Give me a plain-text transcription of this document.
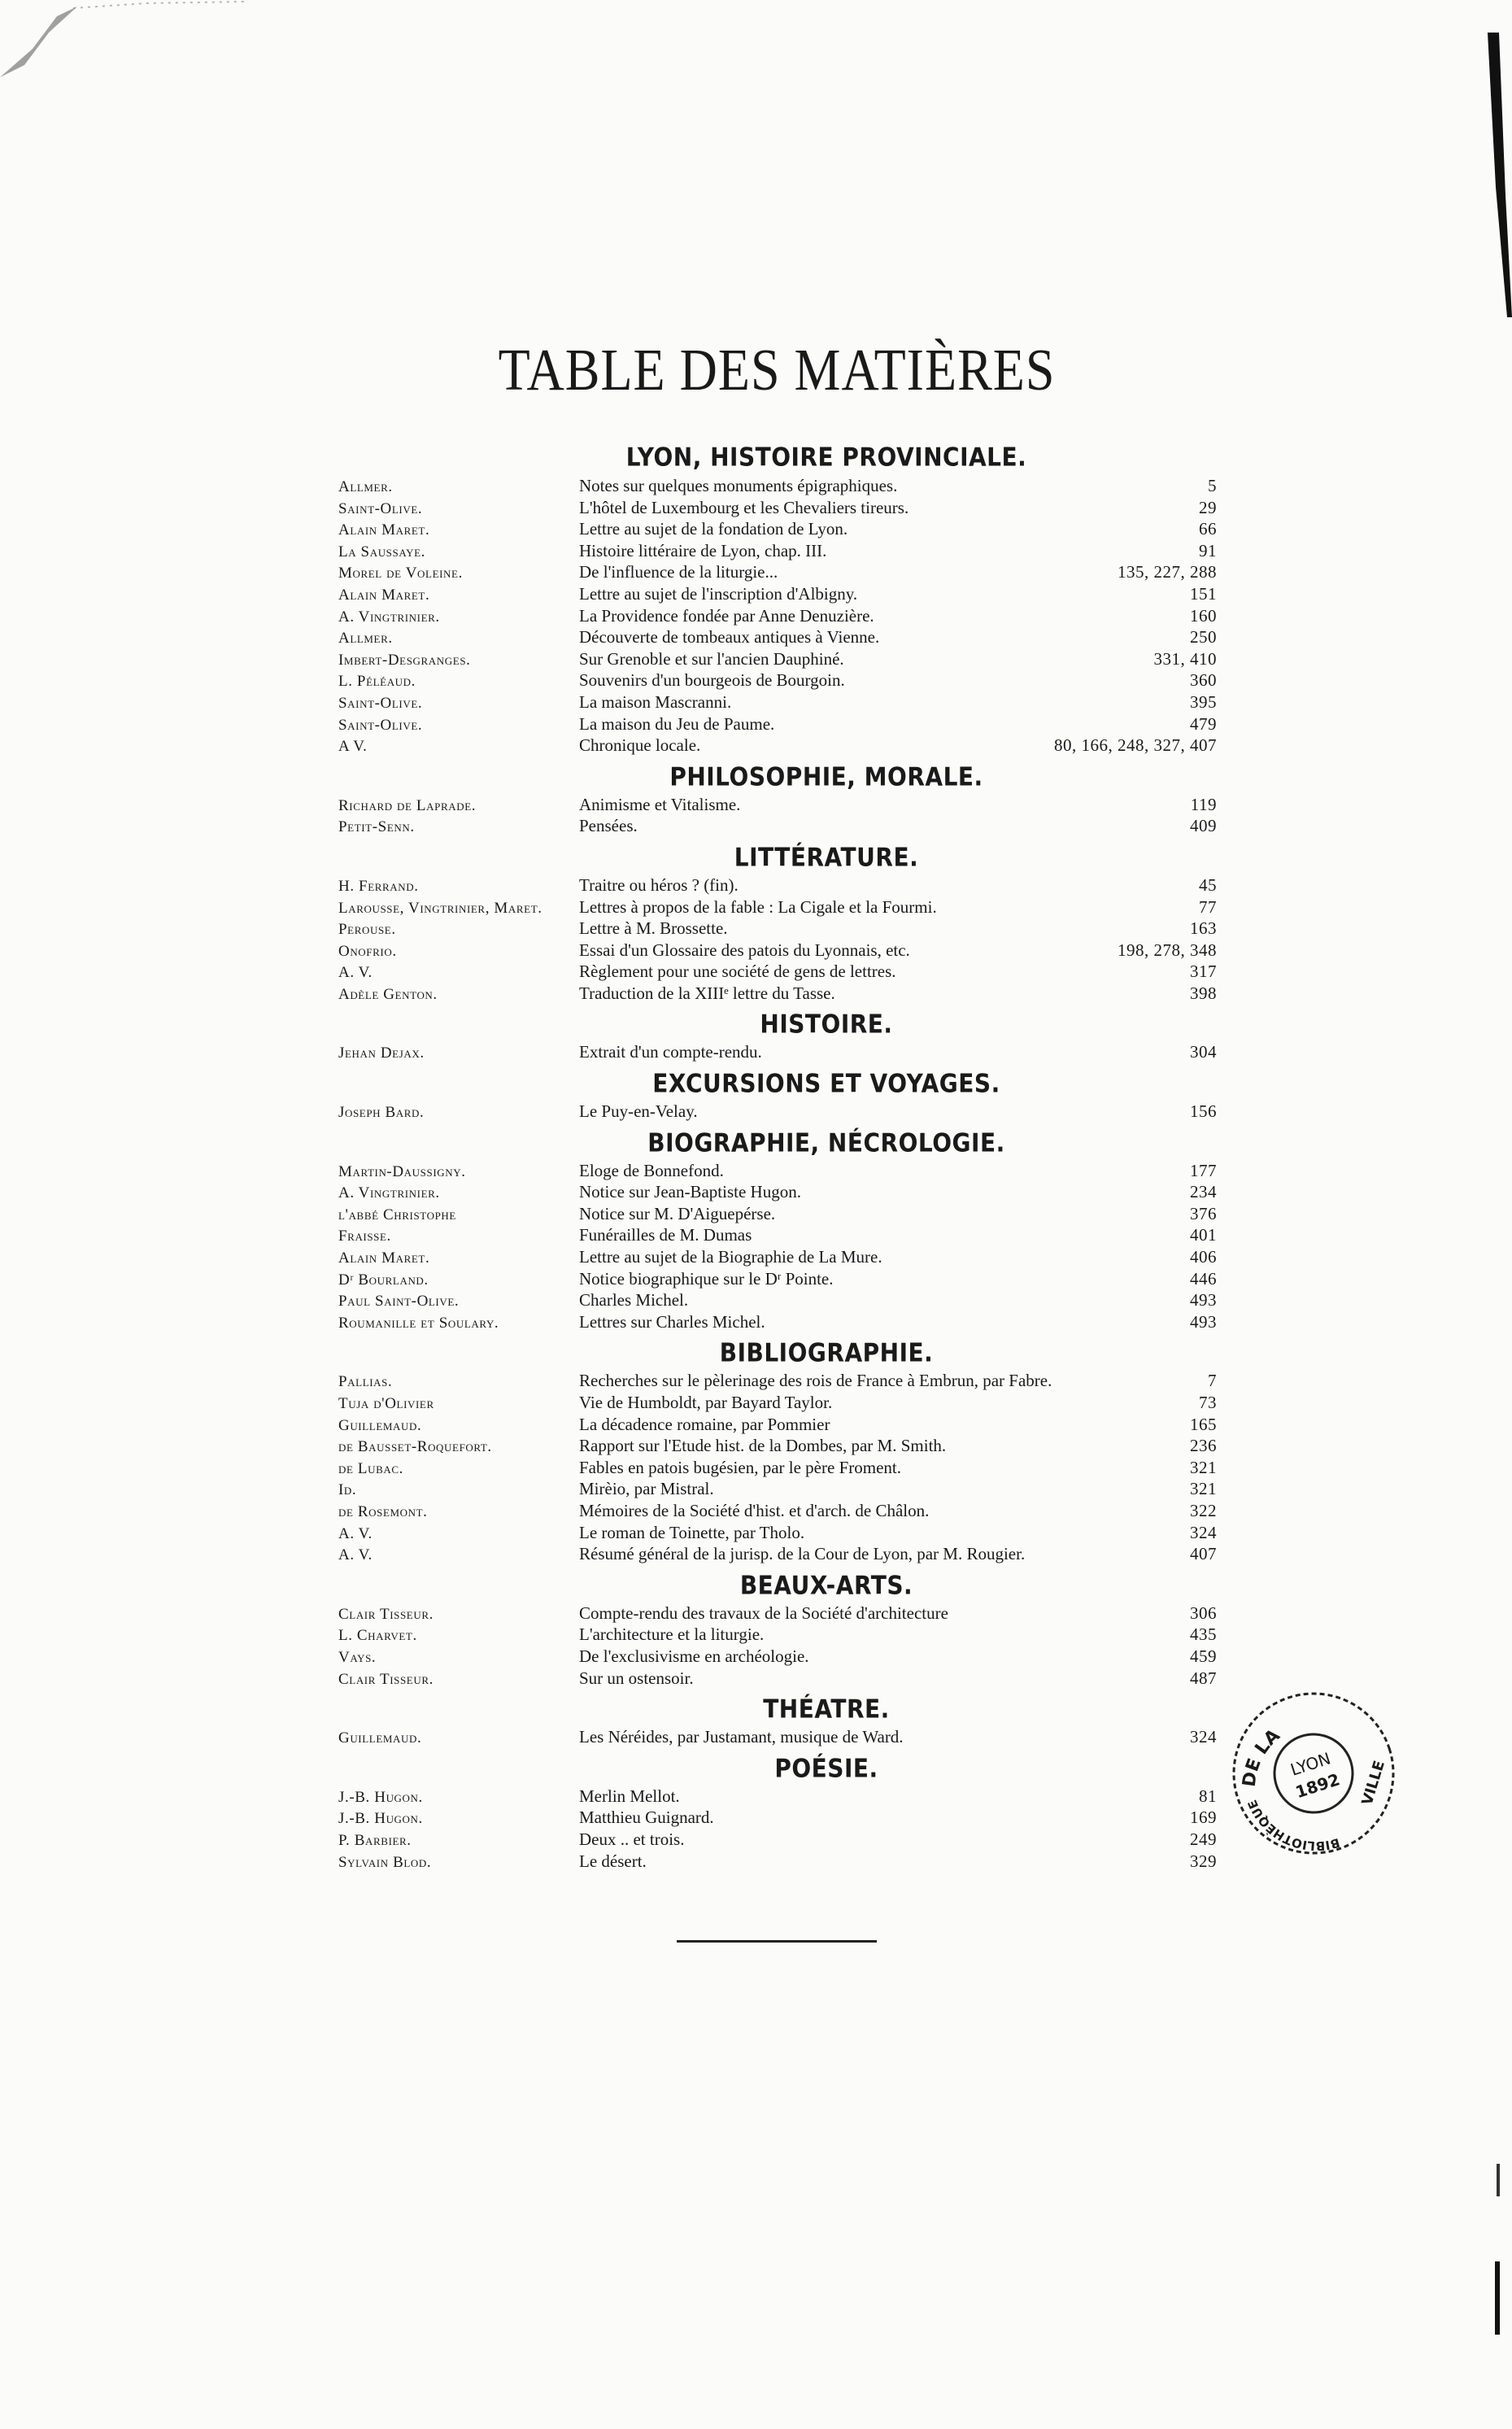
TABLE DES MATIÈRES
LYON, HISTOIRE PROVINCIALE.
Allmer.	Notes sur quelques monuments épigraphiques.	5
Saint-Olive.	L'hôtel de Luxembourg et les Chevaliers tireurs.	29
Alain Maret.	Lettre au sujet de la fondation de Lyon.	66
La Saussaye.	Histoire littéraire de Lyon, chap. III.	91
Morel de Voleine.	De l'influence de la liturgie...	135, 227, 288
Alain Maret.	Lettre au sujet de l'inscription d'Albigny.	151
A. Vingtrinier.	La Providence fondée par Anne Denuzière.	160
Allmer.	Découverte de tombeaux antiques à Vienne.	250
Imbert-Desgranges.	Sur Grenoble et sur l'ancien Dauphiné.	331, 410
L. Péléaud.	Souvenirs d'un bourgeois de Bourgoin.	360
Saint-Olive.	La maison Mascranni.	395
Saint-Olive.	La maison du Jeu de Paume.	479
A V.	Chronique locale.	80, 166, 248, 327, 407
PHILOSOPHIE, MORALE.
Richard de Laprade.	Animisme et Vitalisme.	119
Petit-Senn.	Pensées.	409
LITTÉRATURE.
H. Ferrand.	Traitre ou héros ? (fin).	45
Larousse, Vingtrinier, Maret.	Lettres à propos de la fable : La Cigale et la Fourmi.	77
Perouse.	Lettre à M. Brossette.	163
Onofrio.	Essai d'un Glossaire des patois du Lyonnais, etc.	198, 278, 348
A. V.	Règlement pour une société de gens de lettres.	317
Adèle Genton.	Traduction de la XIIIᵉ lettre du Tasse.	398
HISTOIRE.
Jehan Dejax.	Extrait d'un compte-rendu.	304
EXCURSIONS ET VOYAGES.
Joseph Bard.	Le Puy-en-Velay.	156
BIOGRAPHIE, NÉCROLOGIE.
Martin-Daussigny.	Eloge de Bonnefond.	177
A. Vingtrinier.	Notice sur Jean-Baptiste Hugon.	234
l'abbé Christophe	Notice sur M. D'Aiguepérse.	376
Fraisse.	Funérailles de M. Dumas	401
Alain Maret.	Lettre au sujet de la Biographie de La Mure.	406
Dʳ Bourland.	Notice biographique sur le Dʳ Pointe.	446
Paul Saint-Olive.	Charles Michel.	493
Roumanille et Soulary.	Lettres sur Charles Michel.	493
BIBLIOGRAPHIE.
Pallias.	Recherches sur le pèlerinage des rois de France à Embrun, par Fabre.	7
Tuja d'Olivier	Vie de Humboldt, par Bayard Taylor.	73
Guillemaud.	La décadence romaine, par Pommier	165
de Bausset-Roquefort.	Rapport sur l'Etude hist. de la Dombes, par M. Smith.	236
de Lubac.	Fables en patois bugésien, par le père Froment.	321
Id.	Mirèio, par Mistral.	321
de Rosemont.	Mémoires de la Société d'hist. et d'arch. de Châlon.	322
A. V.	Le roman de Toinette, par Tholo.	324
A. V.	Résumé général de la jurisp. de la Cour de Lyon, par M. Rougier.	407
BEAUX-ARTS.
Clair Tisseur.	Compte-rendu des travaux de la Société d'architecture	306
L. Charvet.	L'architecture et la liturgie.	435
Vays.	De l'exclusivisme en archéologie.	459
Clair Tisseur.	Sur un ostensoir.	487
THÉATRE.
Guillemaud.	Les Néréides, par Justamant, musique de Ward.	324
POÉSIE.
J.-B. Hugon.	Merlin Mellot.	81
J.-B. Hugon.	Matthieu Guignard.	169
P. Barbier.	Deux .. et trois.	249
Sylvain Blod.	Le désert.	329
DE LA
BIBLIOTHÈQUE	VILLE
LYON
1892
